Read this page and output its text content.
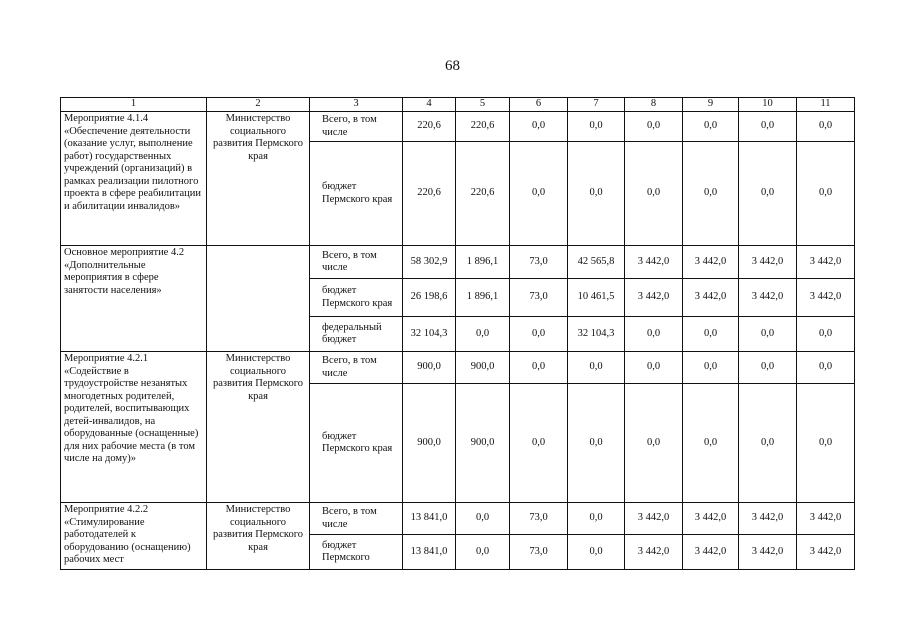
68
1	2	3	4	5	6	7	8	9	10	11
Мероприятие 4.1.4 «Обеспечение деятельности (оказание услуг, выполнение работ) государственных учреждений (организаций) в рамках реализации пилотного проекта в сфере реабилитации и абилитации инвалидов»	Министерство социального развития Пермского края	Всего, в том числе	220,6	220,6	0,0	0,0	0,0	0,0	0,0	0,0
		бюджет Пермского края	220,6	220,6	0,0	0,0	0,0	0,0	0,0	0,0
Основное мероприятие 4.2 «Дополнительные мероприятия в сфере занятости населения»		Всего, в том числе	58 302,9	1 896,1	73,0	42 565,8	3 442,0	3 442,0	3 442,0	3 442,0
		бюджет Пермского края	26 198,6	1 896,1	73,0	10 461,5	3 442,0	3 442,0	3 442,0	3 442,0
		федеральный бюджет	32 104,3	0,0	0,0	32 104,3	0,0	0,0	0,0	0,0
Мероприятие 4.2.1 «Содействие в трудоустройстве незанятых многодетных родителей, родителей, воспитывающих детей-инвалидов, на оборудованные (оснащенные) для них рабочие места (в том числе на дому)»	Министерство социального развития Пермского края	Всего, в том числе	900,0	900,0	0,0	0,0	0,0	0,0	0,0	0,0
		бюджет Пермского края	900,0	900,0	0,0	0,0	0,0	0,0	0,0	0,0
Мероприятие 4.2.2 «Стимулирование работодателей к оборудованию (оснащению) рабочих мест	Министерство социального развития Пермского края	Всего, в том числе	13 841,0	0,0	73,0	0,0	3 442,0	3 442,0	3 442,0	3 442,0
		бюджет Пермского	13 841,0	0,0	73,0	0,0	3 442,0	3 442,0	3 442,0	3 442,0
